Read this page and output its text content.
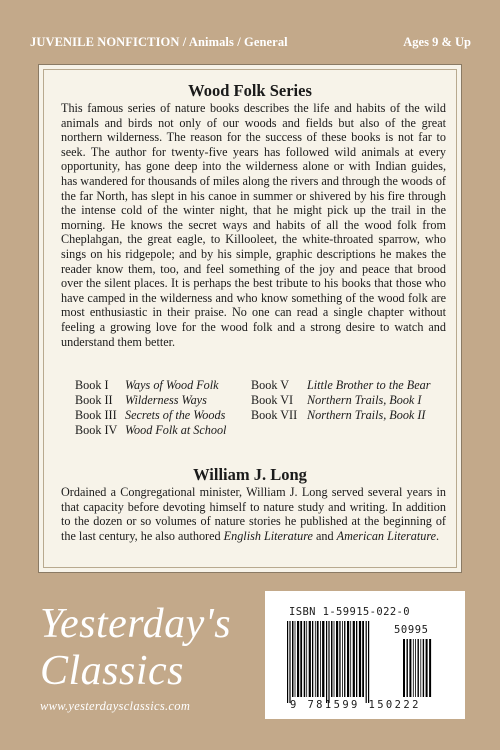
JUVENILE NONFICTION / Animals / General	Ages 9 & Up
Wood Folk Series

This famous series of nature books describes the life and habits of the wild animals and birds not only of our woods and fields but also of the great northern wilderness. The reason for the success of these books is not far to seek. The author for twenty-five years has followed wild animals at every opportunity, has gone deep into the wilderness alone or with Indian guides, has wandered for thousands of miles along the rivers and through the woods of the far North, has slept in his canoe in summer or shivered by his fire through the intense cold of the winter night, that he might pick up the trail in the morning. He knows the secret ways and habits of all the wood folk from Cheplahgan, the great eagle, to Killooleet, the white-throated sparrow, who sings on his ridgepole; and by his simple, graphic descriptions he makes the reader know them, too, and feel something of the joy and peace that brood over the silent places. It is perhaps the best tribute to his books that those who have camped in the wilderness and who know something of the wood folk are most enthusiastic in their praise. No one can read a single chapter without feeling a growing love for the wood folk and a strong desire to watch and understand them better.

Book I Ways of Wood Folk
Book II Wilderness Ways
Book III Secrets of the Woods
Book IV Wood Folk at School
Book V Little Brother to the Bear
Book VI Northern Trails, Book I
Book VII Northern Trails, Book II
William J. Long

Ordained a Congregational minister, William J. Long served several years in that capacity before devoting himself to nature study and writing. In addition to the dozen or so volumes of nature stories he published at the beginning of the last century, he also authored English Literature and American Literature.

Yesterday's
Classics
www.yesterdaysclassics.com
ISBN 1-59915-022-0
50995
9 781599 150222
